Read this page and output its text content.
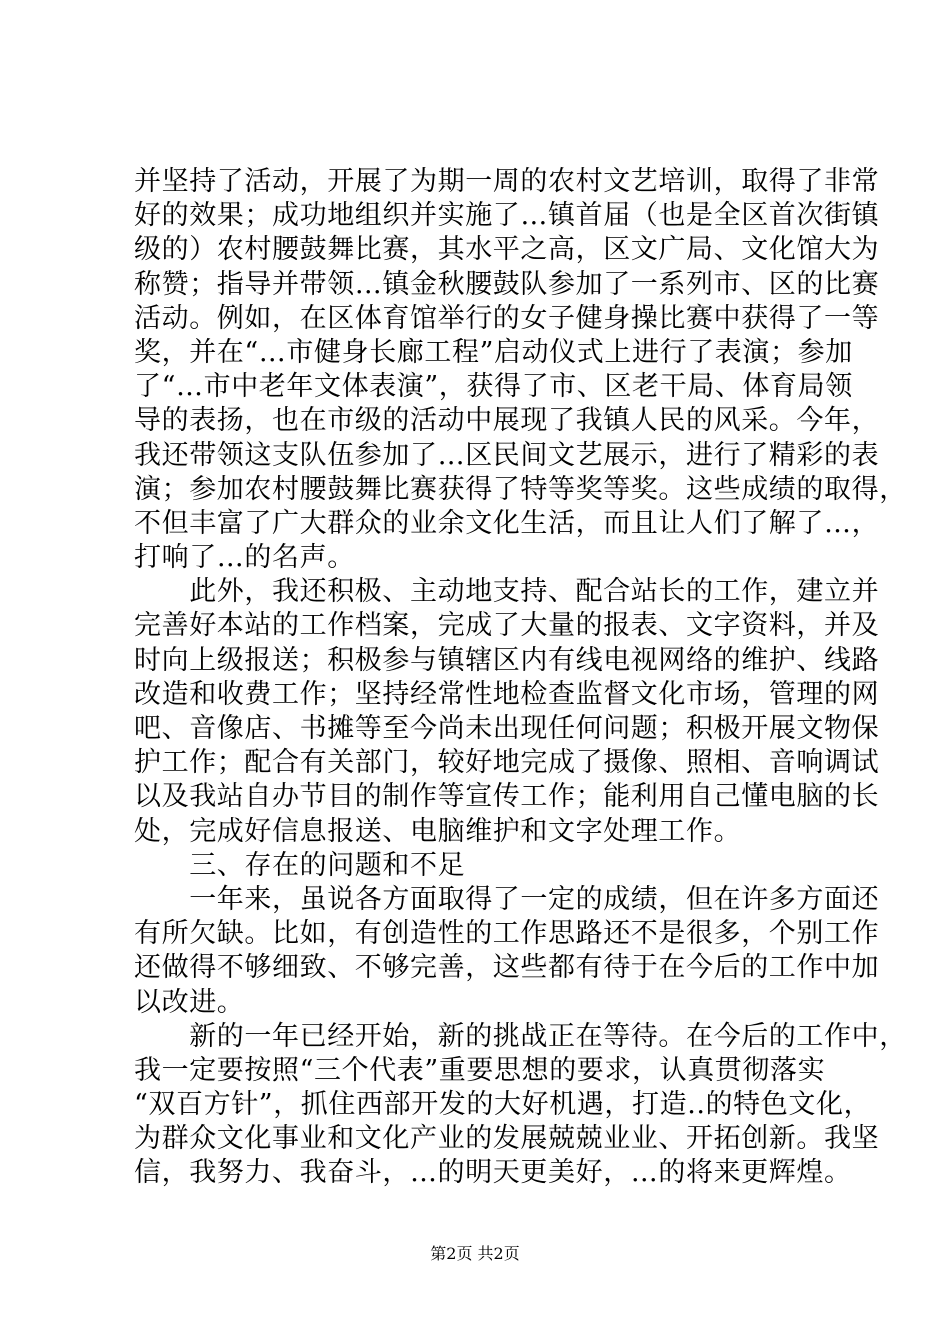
并坚持了活动，开展了为期一周的农村文艺培训，取得了非常
好的效果；成功地组织并实施了…镇首届（也是全区首次街镇
级的）农村腰鼓舞比赛，其水平之高，区文广局、文化馆大为
称赞；指导并带领…镇金秋腰鼓队参加了一系列市、区的比赛
活动。例如，在区体育馆举行的女子健身操比赛中获得了一等
奖，并在“…市健身长廊工程”启动仪式上进行了表演；参加
了“…市中老年文体表演”，获得了市、区老干局、体育局领
导的表扬，也在市级的活动中展现了我镇人民的风采。今年，
我还带领这支队伍参加了…区民间文艺展示，进行了精彩的表
演；参加农村腰鼓舞比赛获得了特等奖等奖。这些成绩的取得，
不但丰富了广大群众的业余文化生活，而且让人们了解了…，
打响了…的名声。
　　此外，我还积极、主动地支持、配合站长的工作，建立并
完善好本站的工作档案，完成了大量的报表、文字资料，并及
时向上级报送；积极参与镇辖区内有线电视网络的维护、线路
改造和收费工作；坚持经常性地检查监督文化市场，管理的网
吧、音像店、书摊等至今尚未出现任何问题；积极开展文物保
护工作；配合有关部门，较好地完成了摄像、照相、音响调试
以及我站自办节目的制作等宣传工作；能利用自己懂电脑的长
处，完成好信息报送、电脑维护和文字处理工作。
　　三、存在的问题和不足
　　一年来，虽说各方面取得了一定的成绩，但在许多方面还
有所欠缺。比如，有创造性的工作思路还不是很多，个别工作
还做得不够细致、不够完善，这些都有待于在今后的工作中加
以改进。
　　新的一年已经开始，新的挑战正在等待。在今后的工作中，
我一定要按照“三个代表”重要思想的要求，认真贯彻落实
“双百方针”，抓住西部开发的大好机遇，打造..的特色文化，
为群众文化事业和文化产业的发展兢兢业业、开拓创新。我坚
信，我努力、我奋斗，…的明天更美好，…的将来更辉煌。
第2页 共2页
